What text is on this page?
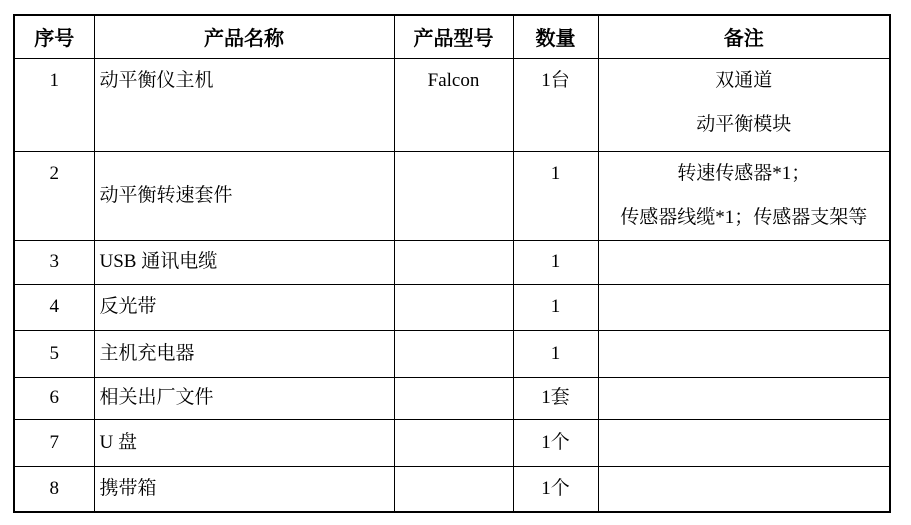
序号	产品名称	产品型号	数量	备注
1	动平衡仪主机	Falcon	1台	双通道
动平衡模块

2	动平衡转速套件		1	转速传感器*1；
传感器线缆*1；传感器支架等

3	USB 通讯电缆		1	
4	反光带		1	
5	主机充电器		1	
6	相关出厂文件		1套	
7	U 盘		1个	
8	携带箱		1个	
